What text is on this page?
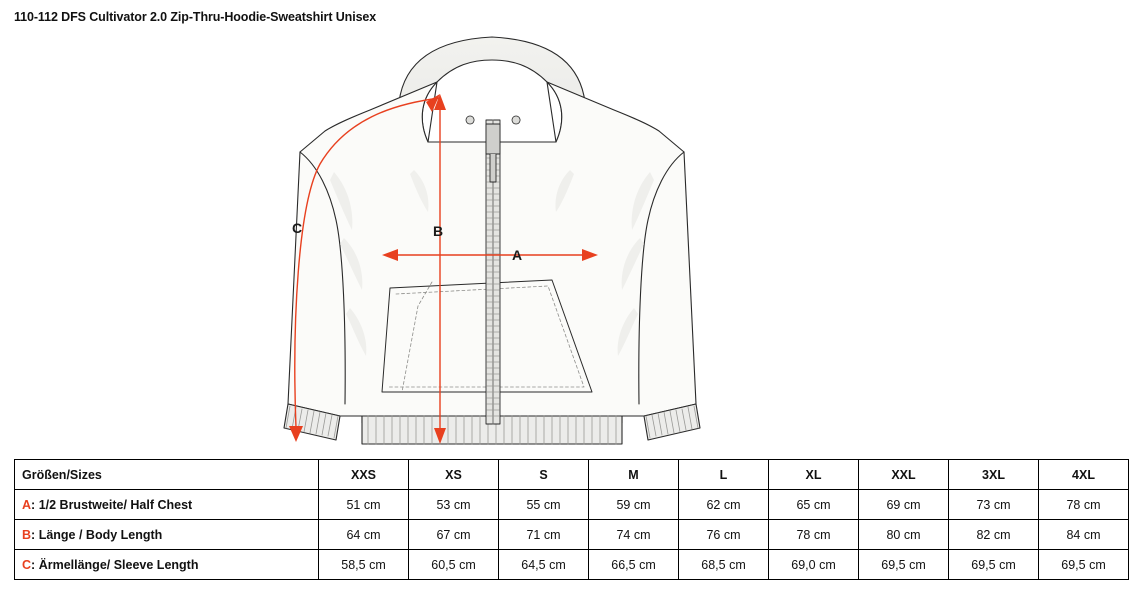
110-112 DFS Cultivator 2.0 Zip-Thru-Hoodie-Sweatshirt Unisex
B
A
C
Größen/Sizes	XXS	XS	S	M	L	XL	XXL	3XL	4XL
A: 1/2 Brustweite/ Half Chest	51 cm	53 cm	55 cm	59 cm	62 cm	65 cm	69 cm	73 cm	78 cm
B: Länge / Body Length	64 cm	67 cm	71 cm	74 cm	76 cm	78 cm	80 cm	82 cm	84 cm
C: Ärmellänge/ Sleeve Length	58,5 cm	60,5 cm	64,5 cm	66,5 cm	68,5 cm	69,0 cm	69,5 cm	69,5 cm	69,5 cm
